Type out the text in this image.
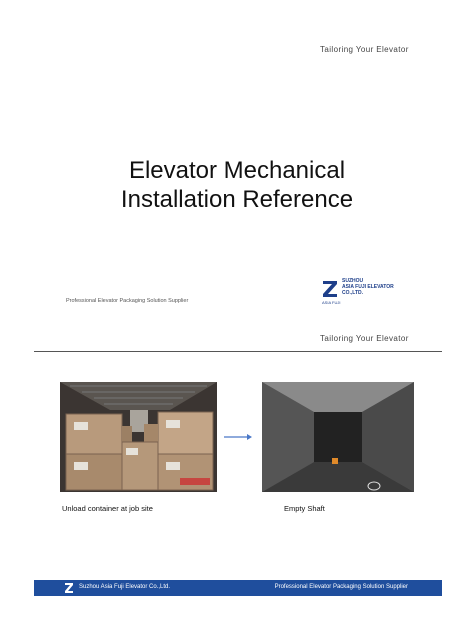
Tailoring Your Elevator
Elevator Mechanical
Installation Reference
SUZHOU
ASIA FUJI ELEVATOR
CO.,LTD.
ASIA FUJI
Professional Elevator Packaging Solution Supplier
Tailoring Your Elevator
Unload container at job site	Empty Shaft
Suzhou Asia Fuji Elevator Co.,Ltd.	Professional Elevator Packaging Solution Supplier
